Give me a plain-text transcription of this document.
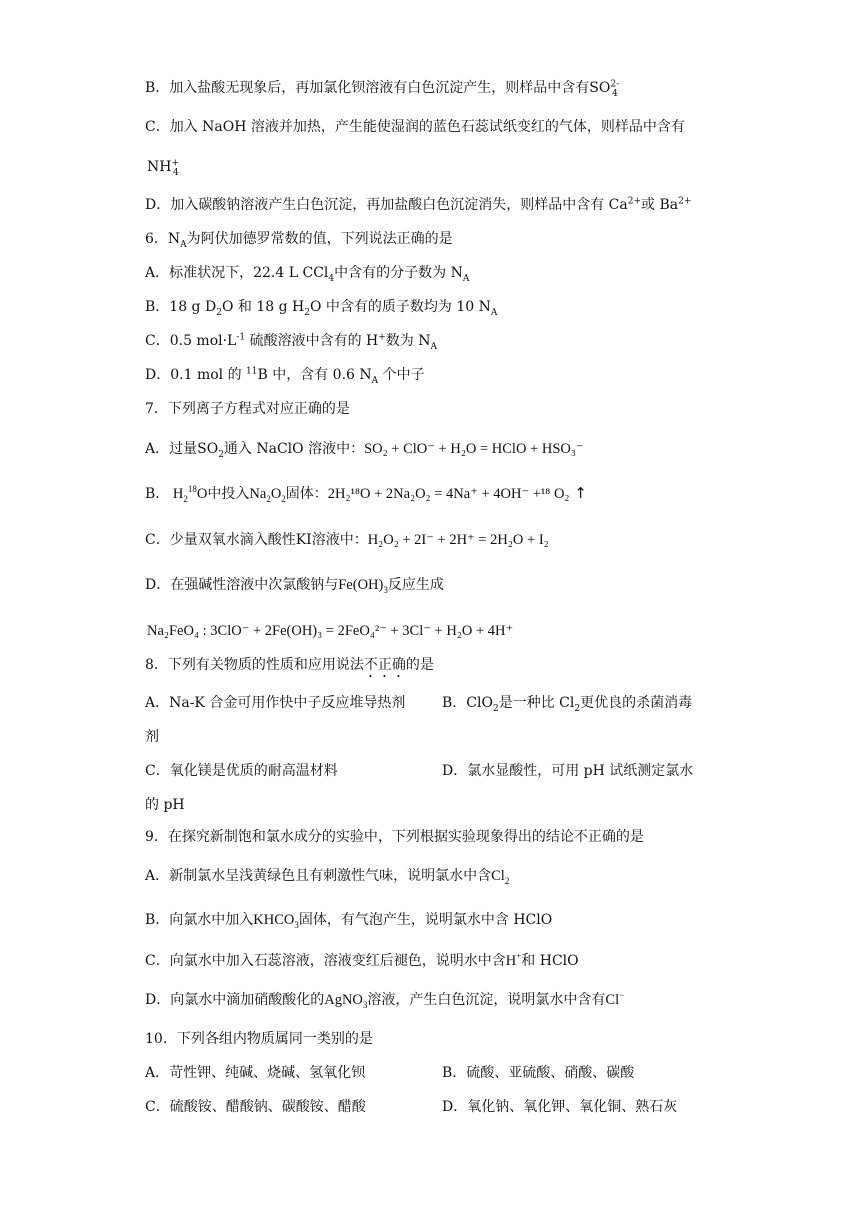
B．加入盐酸无现象后，再加氯化钡溶液有白色沉淀产生，则样品中含有$SO^{2-}_4$
C．加入 NaOH 溶液并加热，产生能使湿润的蓝色石蕊试纸变红的气体，则样品中含有
$NH^+_4$
D．加入碳酸钠溶液产生白色沉淀，再加盐酸白色沉淀消失，则样品中含有 $Ca^{2+}$或 $Ba^{2+}$
6．$N_A$为阿伏加德罗常数的值，下列说法正确的是
A．标准状况下，22.4 L CCl$_4$中含有的分子数为 $N_A$
B．18 g $D_2O$ 和 18 g $H_2O$ 中含有的质子数均为 10 $N_A$
C．0.5 $mol\cdot L^{-1}$ 硫酸溶液中含有的 H+数为 $N_A$
D．0.1 mol 的 $^{11}$B 中，含有 0.6 $N_A$ 个中子
7．下列离子方程式对应正确的是
A．过量$SO_2$通入 NaClO 溶液中：SO₂ + ClO⁻ + H₂O = HClO + HSO₃⁻
B． $H_2^{18}O$中投入$Na_2O_2$固体：2H₂¹⁸O + 2Na₂O₂ = 4Na⁺ + 4OH⁻ +¹⁸ O₂ ↑
C．少量双氧水滴入酸性KI溶液中：H₂O₂ + 2I⁻ + 2H⁺ = 2H₂O + I₂
D．在强碱性溶液中次氯酸钠与$Fe(OH)_3$反应生成
Na₂FeO₄ : 3ClO⁻ + 2Fe(OH)₃ = 2FeO₄²⁻ + 3Cl⁻ + H₂O + 4H⁺
8．下列有关物质的性质和应用说法不正确的是
A．Na-K 合金可用作快中子反应堆导热剂	B．ClO$_2$是一种比 $Cl_2$更优良的杀菌消毒
剂
C．氧化镁是优质的耐高温材料	D．氯水显酸性，可用 pH 试纸测定氯水
的 pH
9．在探究新制饱和氯水成分的实验中，下列根据实验现象得出的结论不正确的是
A．新制氯水呈浅黄绿色且有刺激性气味，说明氯水中含$Cl_2$
B．向氯水中加入$KHCO_3$固体，有气泡产生，说明氯水中含 HClO
C．向氯水中加入石蕊溶液，溶液变红后褪色，说明水中含H+和 HClO
D．向氯水中滴加硝酸酸化的AgNO$_3$溶液，产生白色沉淀，说明氯水中含有Cl−
10．下列各组内物质属同一类别的是
A．苛性钾、纯碱、烧碱、氢氧化钡	B．硫酸、亚硫酸、硝酸、碳酸
C．硫酸铵、醋酸钠、碳酸铵、醋酸	D．氧化钠、氧化钾、氧化铜、熟石灰
